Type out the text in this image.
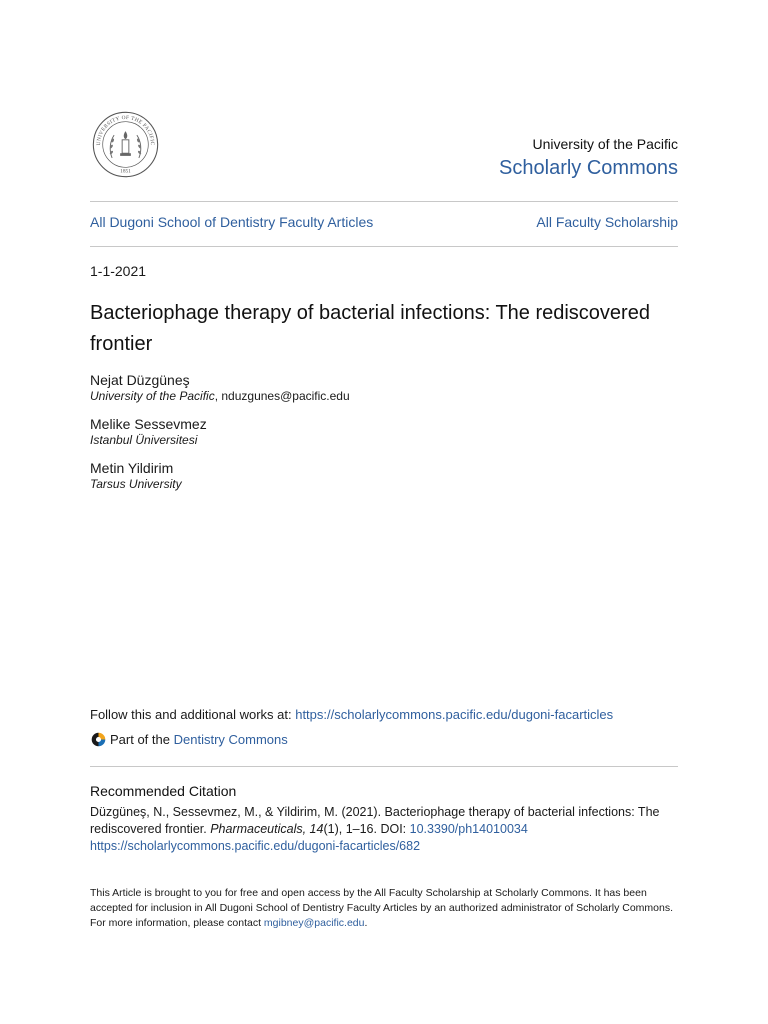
UNIVERSITY OF THE PACIFIC
1851
University of the Pacific
Scholarly Commons
All Dugoni School of Dentistry Faculty Articles	All Faculty Scholarship
1-1-2021
Bacteriophage therapy of bacterial infections: The rediscovered frontier
Nejat Düzgüneş
University of the Pacific, nduzgunes@pacific.edu
Melike Sessevmez
Istanbul Üniversitesi
Metin Yildirim
Tarsus University
Follow this and additional works at: https://scholarlycommons.pacific.edu/dugoni-facarticles
Part of the
Dentistry Commons
Recommended Citation
Düzgüneş, N., Sessevmez, M., & Yildirim, M. (2021). Bacteriophage therapy of bacterial infections: The rediscovered frontier. Pharmaceuticals, 14(1), 1–16. DOI: 10.3390/ph14010034
https://scholarlycommons.pacific.edu/dugoni-facarticles/682
This Article is brought to you for free and open access by the All Faculty Scholarship at Scholarly Commons. It has been accepted for inclusion in All Dugoni School of Dentistry Faculty Articles by an authorized administrator of Scholarly Commons. For more information, please contact mgibney@pacific.edu.
